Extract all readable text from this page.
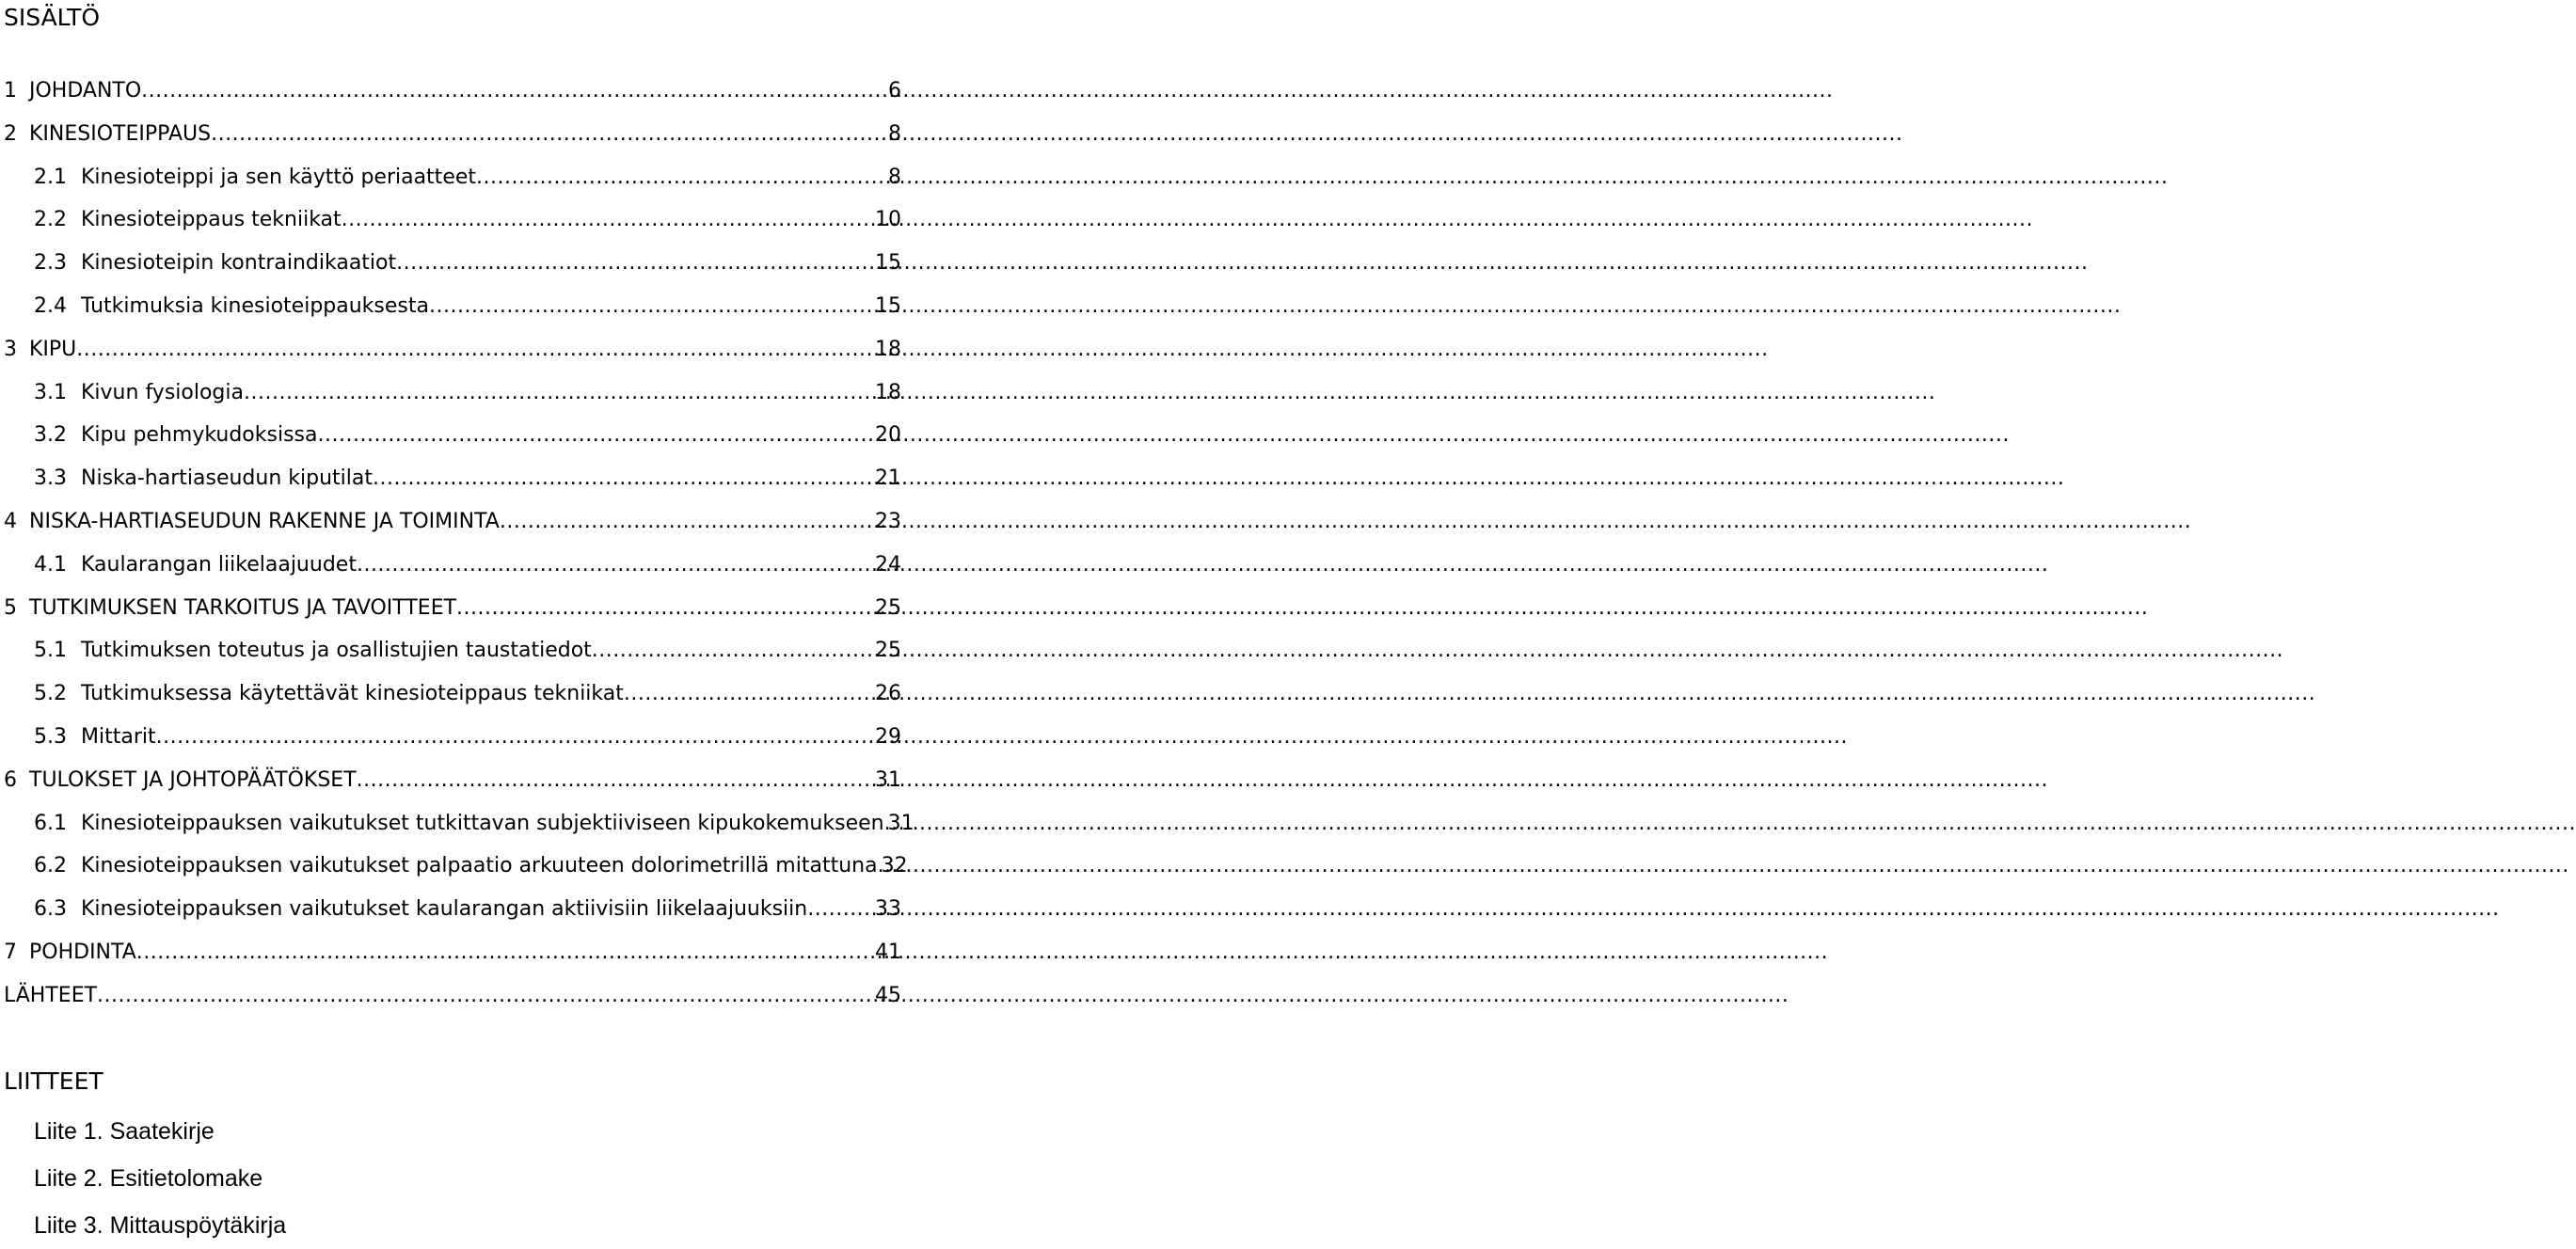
SISÄLTÖ
1 JOHDANTO .....	6
2 KINESIOTEIPPAUS .....	8
2.1 Kinesioteippi ja sen käyttö periaatteet .....	8
2.2 Kinesioteippaus tekniikat .....	10
2.3 Kinesioteipin kontraindikaatiot .....	15
2.4 Tutkimuksia kinesioteippauksesta .....	15
3 KIPU .....	18
3.1 Kivun fysiologia .....	18
3.2 Kipu pehmykudoksissa .....	20
3.3 Niska-hartiaseudun kiputilat .....	21
4 NISKA-HARTIASEUDUN RAKENNE JA TOIMINTA .....	23
4.1 Kaularangan liikelaajuudet .....	24
5 TUTKIMUKSEN TARKOITUS JA TAVOITTEET .....	25
5.1 Tutkimuksen toteutus ja osallistujien taustatiedot .....	25
5.2 Tutkimuksessa käytettävät kinesioteippaus tekniikat .....	26
5.3 Mittarit .....	29
6 TULOKSET JA JOHTOPÄÄTÖKSET .....	31
6.1 Kinesioteippauksen vaikutukset tutkittavan subjektiiviseen kipukokemukseen 31
6.2 Kinesioteippauksen vaikutukset palpaatio arkuuteen dolorimetrillä mitattuna 32
6.3 Kinesioteippauksen vaikutukset kaularangan aktiivisiin liikelaajuuksiin .....	33
7 POHDINTA .....	41
LÄHTEET .....	45
LIITTEET
Liite 1. Saatekirje
Liite 2. Esitietolomake
Liite 3. Mittauspöytäkirja
